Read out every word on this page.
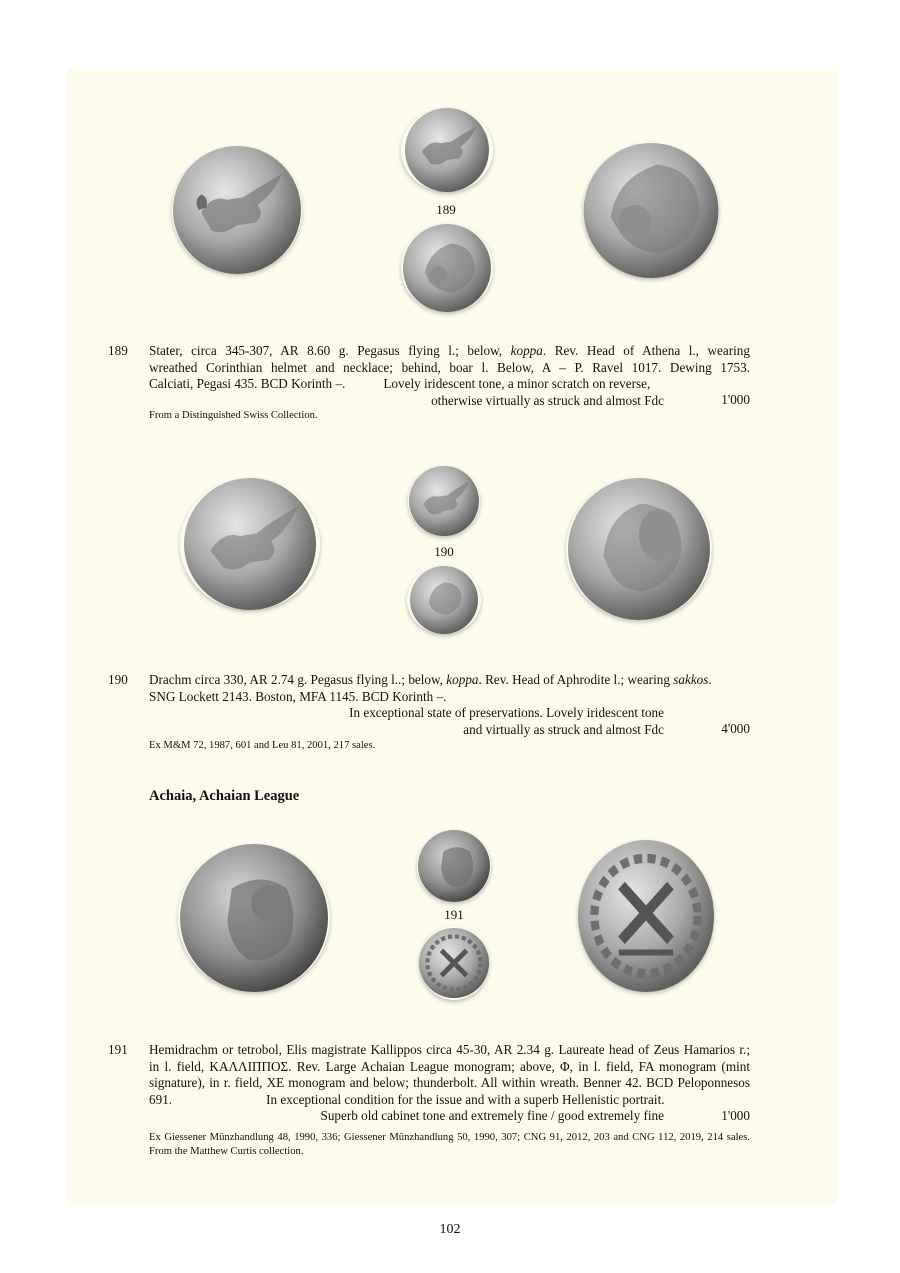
189
189 Stater, circa 345-307, AR 8.60 g. Pegasus flying l.; below, koppa. Rev. Head of Athena l., wearing
wreathed Corinthian helmet and necklace; behind, boar l. Below, A – P. Ravel 1017. Dewing 1753.
Calciati, Pegasi 435. BCD Korinth –.	Lovely iridescent tone, a minor scratch on reverse,
otherwise virtually as struck and almost Fdc	1'000
From a Distinguished Swiss Collection.
190
190 Drachm circa 330, AR 2.74 g. Pegasus flying l..; below, koppa. Rev. Head of Aphrodite l.; wearing sakkos.
SNG Lockett 2143. Boston, MFA 1145. BCD Korinth –.
In exceptional state of preservations. Lovely iridescent tone
and virtually as struck and almost Fdc	4'000
Ex M&M 72, 1987, 601 and Leu 81, 2001, 217 sales.
Achaia, Achaian League
191
191 Hemidrachm or tetrobol, Elis magistrate Kallippos circa 45-30, AR 2.34 g. Laureate head of Zeus Hamarios r.;
in l. field, ΚΑΛΛΙΠΠΟΣ. Rev. Large Achaian League monogram; above, Φ, in l. field, FA monogram (mint
signature), in r. field, XE monogram and below; thunderbolt. All within wreath. Benner 42. BCD Peloponnesos
691.	In exceptional condition for the issue and with a superb Hellenistic portrait.
Superb old cabinet tone and extremely fine / good extremely fine	1'000
Ex Giessener Münzhandlung 48, 1990, 336; Giessener Münzhandlung 50, 1990, 307; CNG 91, 2012, 203 and CNG 112, 2019, 214 sales. From the Matthew Curtis collection.
102
